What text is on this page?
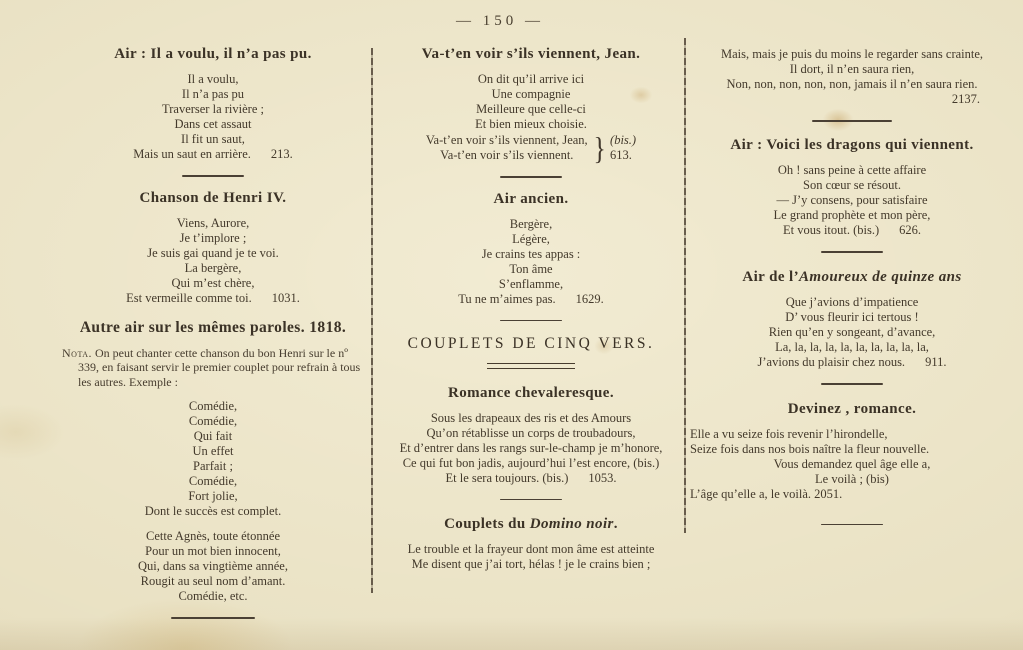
— 150 —
Air : Il a voulu, il n’a pas pu.
Il a voulu,
Il n’a pas pu
Traverser la rivière ;
Dans cet assaut
Il fit un saut,
Mais un saut en arrière. 213.
Chanson de Henri IV.
Viens, Aurore,
Je t’implore ;
Je suis gai quand je te voi.
La bergère,
Qui m’est chère,
Est vermeille comme toi. 1031.
Autre air sur les mêmes paroles. 1818.

Nota. On peut chanter cette chanson du bon Henri sur le nº 339, en faisant servir le premier couplet pour refrain à tous les autres. Exemple :

Comédie,
Comédie,
Qui fait
Un effet
Parfait ;
Comédie,
Fort jolie,
Dont le succès est complet.
Cette Agnès, toute étonnée
Pour un mot bien innocent,
Qui, dans sa vingtième année,
Rougit au seul nom d’amant.
Comédie, etc.
Va-t’en voir s’ils viennent, Jean.
On dit qu’il arrive ici
Une compagnie
Meilleure que celle-ci
Et bien mieux choisie.
Va-t’en voir s’ils viennent, Jean,
Va-t’en voir s’ils viennent. } (bis.)
613.
Air ancien.
Bergère,
Légère,
Je crains tes appas :
Ton âme
S’enflamme,
Tu ne m’aimes pas. 1629.
COUPLETS DE CINQ VERS.
Romance chevaleresque.
Sous les drapeaux des ris et des Amours
Qu’on rétablisse un corps de troubadours,
Et d’entrer dans les rangs sur-le-champ je m’honore,
Ce qui fut bon jadis, aujourd’hui l’est encore, (bis.)
Et le sera toujours. (bis.) 1053.
Couplets du Domino noir.
Le trouble et la frayeur dont mon âme est atteinte
Me disent que j’ai tort, hélas ! je le crains bien ;
Mais, mais je puis du moins le regarder sans crainte,
Il dort, il n’en saura rien,
Non, non, non, non, non, jamais il n’en saura rien.
2137.
Air : Voici les dragons qui viennent.
Oh ! sans peine à cette affaire
Son cœur se résout.
— J’y consens, pour satisfaire
Le grand prophète et mon père,
Et vous itout. (bis.) 626.
Air de l’Amoureux de quinze ans
Que j’avions d’impatience
D’ vous fleurir ici tertous !
Rien qu’en y songeant, d’avance,
La, la, la, la, la, la, la, la, la, la,
J’avions du plaisir chez nous. 911.
Devinez , romance.
Elle a vu seize fois revenir l’hirondelle,
Seize fois dans nos bois naître la fleur nouvelle.
Vous demandez quel âge elle a,
Le voilà ; (bis)
L’âge qu’elle a, le voilà. 2051.
